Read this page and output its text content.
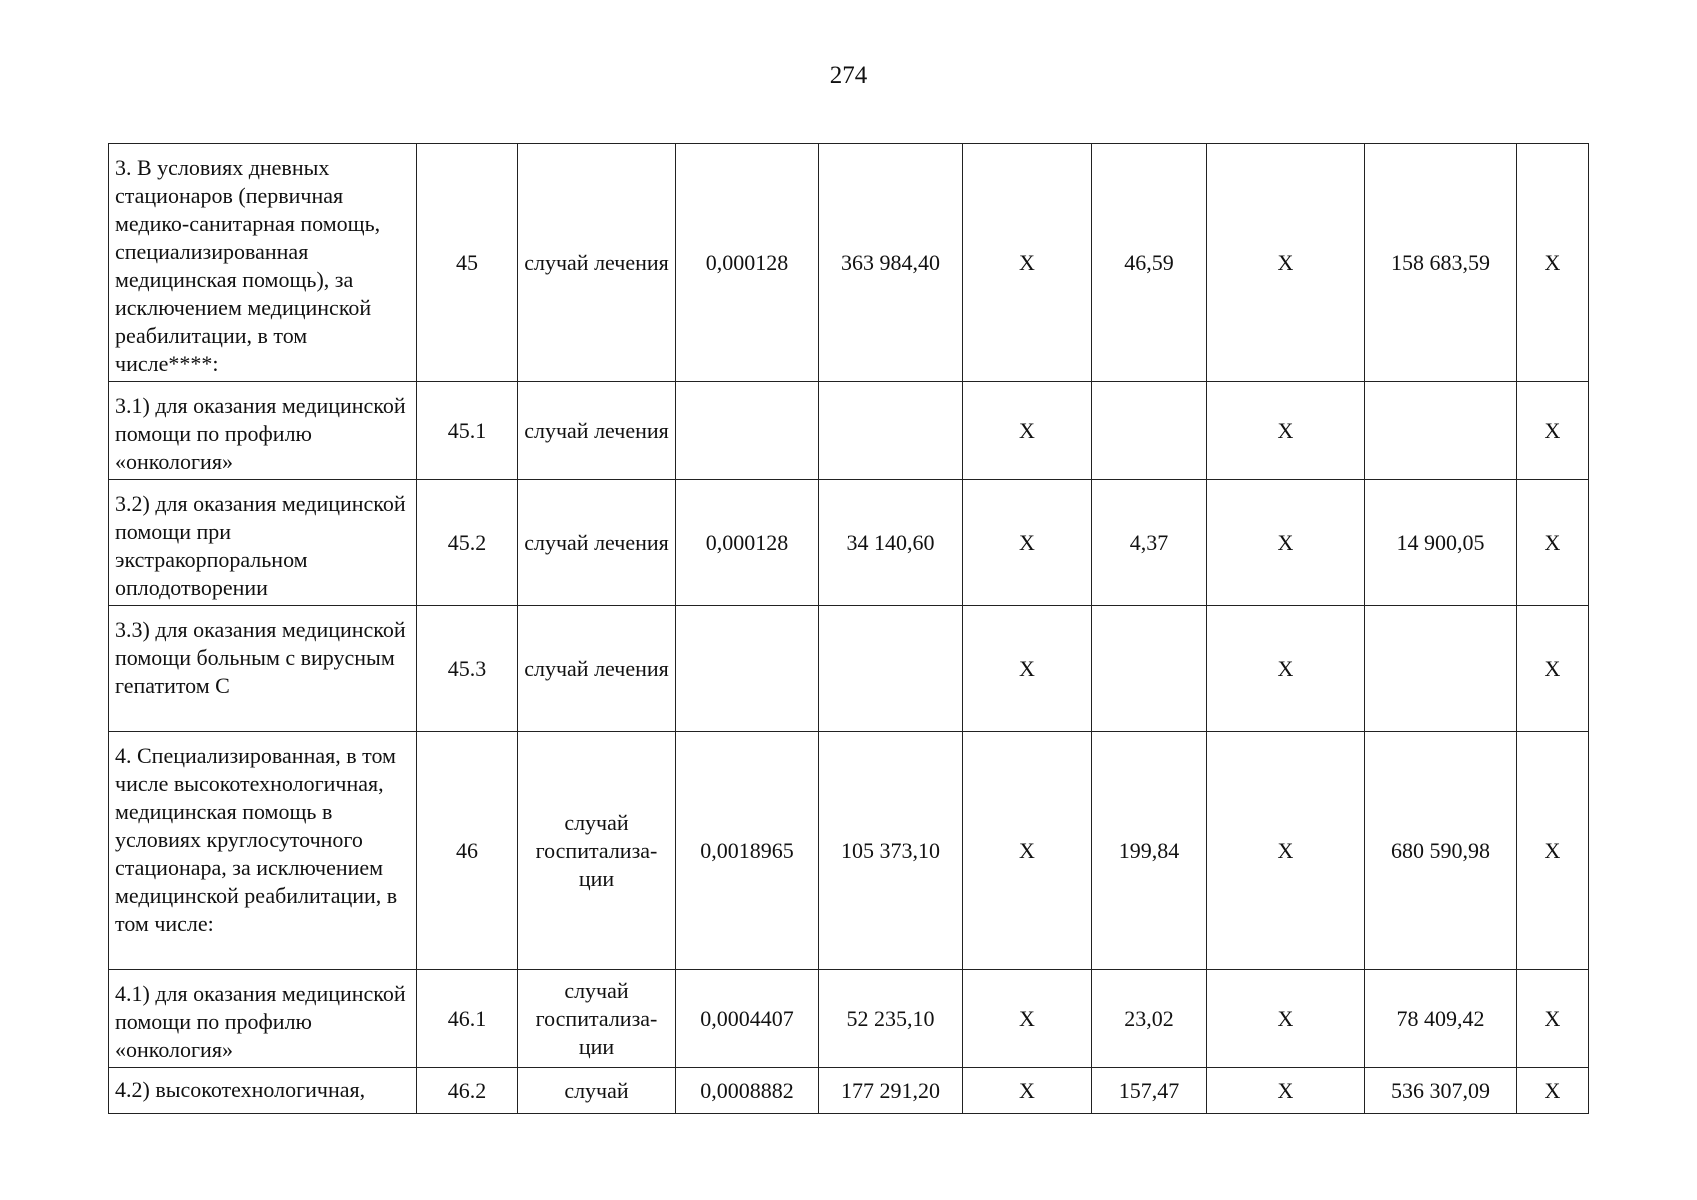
274
3. В условиях дневных стационаров (первичная медико-санитарная помощь, специализированная медицинская помощь), за исключением медицинской реабилитации, в том числе****:	45	случай лечения	0,000128	363 984,40	X	46,59	X	158 683,59	X
3.1) для оказания медицинской помощи по профилю «онкология»	45.1	случай лечения			X		X		X
3.2) для оказания медицинской помощи при экстракорпоральном оплодотворении	45.2	случай лечения	0,000128	34 140,60	X	4,37	X	14 900,05	X
3.3) для оказания медицинской помощи больным с вирусным гепатитом С	45.3	случай лечения			X		X		X
4. Специализированная, в том числе высокотехнологичная, медицинская помощь в условиях круглосуточного стационара, за исключением медицинской реабилитации, в том числе:	46	случай госпитализа-ции	0,0018965	105 373,10	X	199,84	X	680 590,98	X
4.1) для оказания медицинской помощи по профилю «онкология»	46.1	случай госпитализа-ции	0,0004407	52 235,10	X	23,02	X	78 409,42	X
4.2) высокотехнологичная,	46.2	случай	0,0008882	177 291,20	X	157,47	X	536 307,09	X
